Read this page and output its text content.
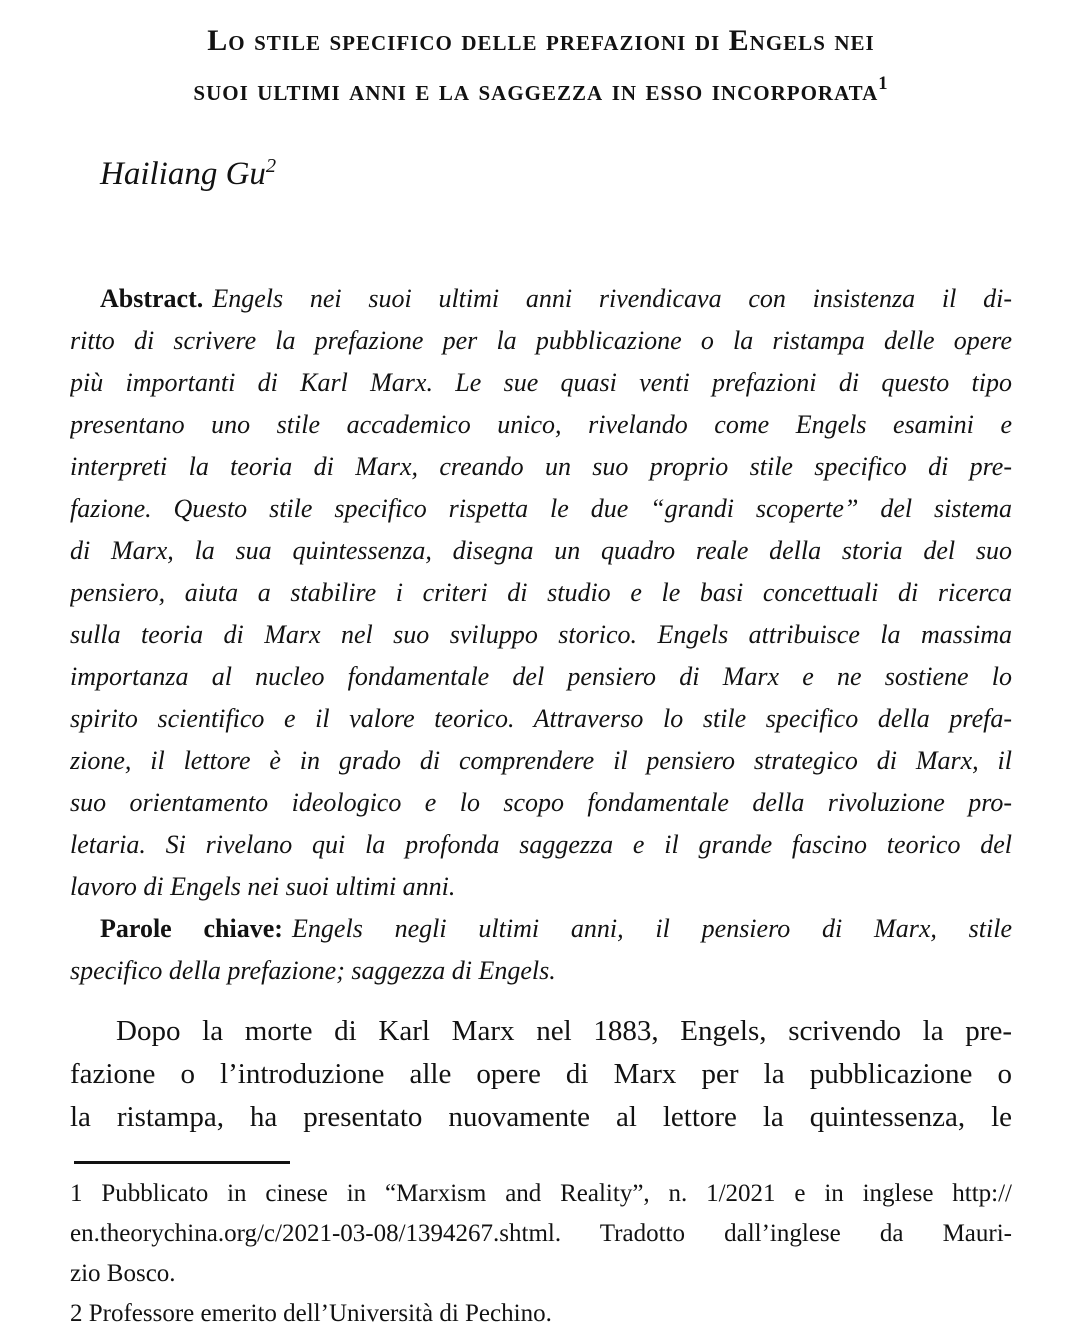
Lo stile specifico delle prefazioni di Engels nei
suoi ultimi anni e la saggezza in esso incorporata$^1$
Hailiang Gu$^2$
Abstract. Engels nei suoi ultimi anni rivendicava con insistenza il di-
ritto di scrivere la prefazione per la pubblicazione o la ristampa delle opere
più importanti di Karl Marx. Le sue quasi venti prefazioni di questo tipo
presentano uno stile accademico unico, rivelando come Engels esamini e
interpreti la teoria di Marx, creando un suo proprio stile specifico di pre-
fazione. Questo stile specifico rispetta le due “grandi scoperte” del sistema
di Marx, la sua quintessenza, disegna un quadro reale della storia del suo
pensiero, aiuta a stabilire i criteri di studio e le basi concettuali di ricerca
sulla teoria di Marx nel suo sviluppo storico. Engels attribuisce la massima
importanza al nucleo fondamentale del pensiero di Marx e ne sostiene lo
spirito scientifico e il valore teorico. Attraverso lo stile specifico della prefa-
zione, il lettore è in grado di comprendere il pensiero strategico di Marx, il
suo orientamento ideologico e lo scopo fondamentale della rivoluzione pro-
letaria. Si rivelano qui la profonda saggezza e il grande fascino teorico del
lavoro di Engels nei suoi ultimi anni.
Parole chiave: Engels negli ultimi anni, il pensiero di Marx, stile
specifico della prefazione; saggezza di Engels.
Dopo la morte di Karl Marx nel 1883, Engels, scrivendo la pre-
fazione o l’introduzione alle opere di Marx per la pubblicazione o
la ristampa, ha presentato nuovamente al lettore la quintessenza, le
1 Pubblicato in cinese in “Marxism and Reality”, n. 1/2021 e in inglese http://
en.theorychina.org/c/2021-03-08/1394267.shtml. Tradotto dall’inglese da Mauri-
zio Bosco.
2 Professore emerito dell’Università di Pechino.
